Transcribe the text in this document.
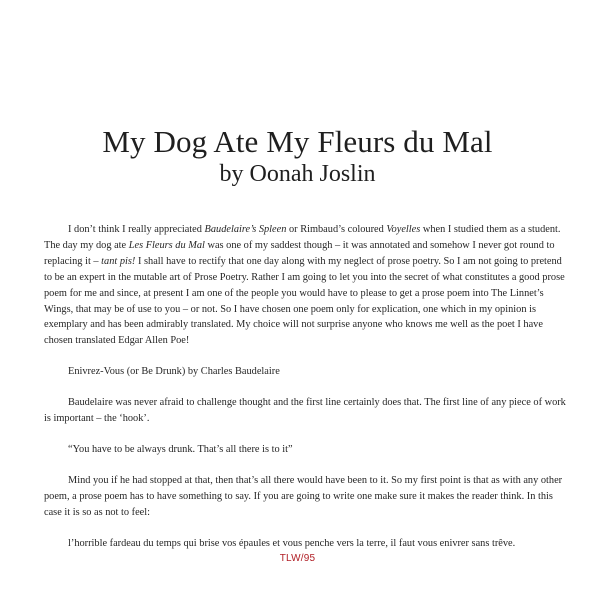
My Dog Ate My Fleurs du Mal
by Oonah Joslin

I don’t think I really appreciated Baudelaire’s Spleen or Rimbaud’s coloured Voyelles when I studied them as a student. The day my dog ate Les Fleurs du Mal was one of my saddest though – it was annotated and somehow I never got round to replacing it – tant pis! I shall have to rectify that one day along with my neglect of prose poetry. So I am not going to pretend to be an expert in the mutable art of Prose Poetry. Rather I am going to let you into the secret of what constitutes a good prose poem for me and since, at present I am one of the people you would have to please to get a prose poem into The Linnet’s Wings, that may be of use to you – or not. So I have chosen one poem only for explication, one which in my opinion is exemplary and has been admirably translated. My choice will not surprise anyone who knows me well as the poet I have chosen translated Edgar Allen Poe!

Enivrez-Vous (or Be Drunk) by Charles Baudelaire

Baudelaire was never afraid to challenge thought and the first line certainly does that. The first line of any piece of work is important – the ‘hook’.

“You have to be always drunk. That’s all there is to it”

Mind you if he had stopped at that, then that’s all there would have been to it. So my first point is that as with any other poem, a prose poem has to have something to say. If you are going to write one make sure it makes the reader think. In this case it is so as not to feel:

l’horrible fardeau du temps qui brise vos épaules et vous penche vers la terre, il faut vous enivrer sans trêve.

TLW/95
